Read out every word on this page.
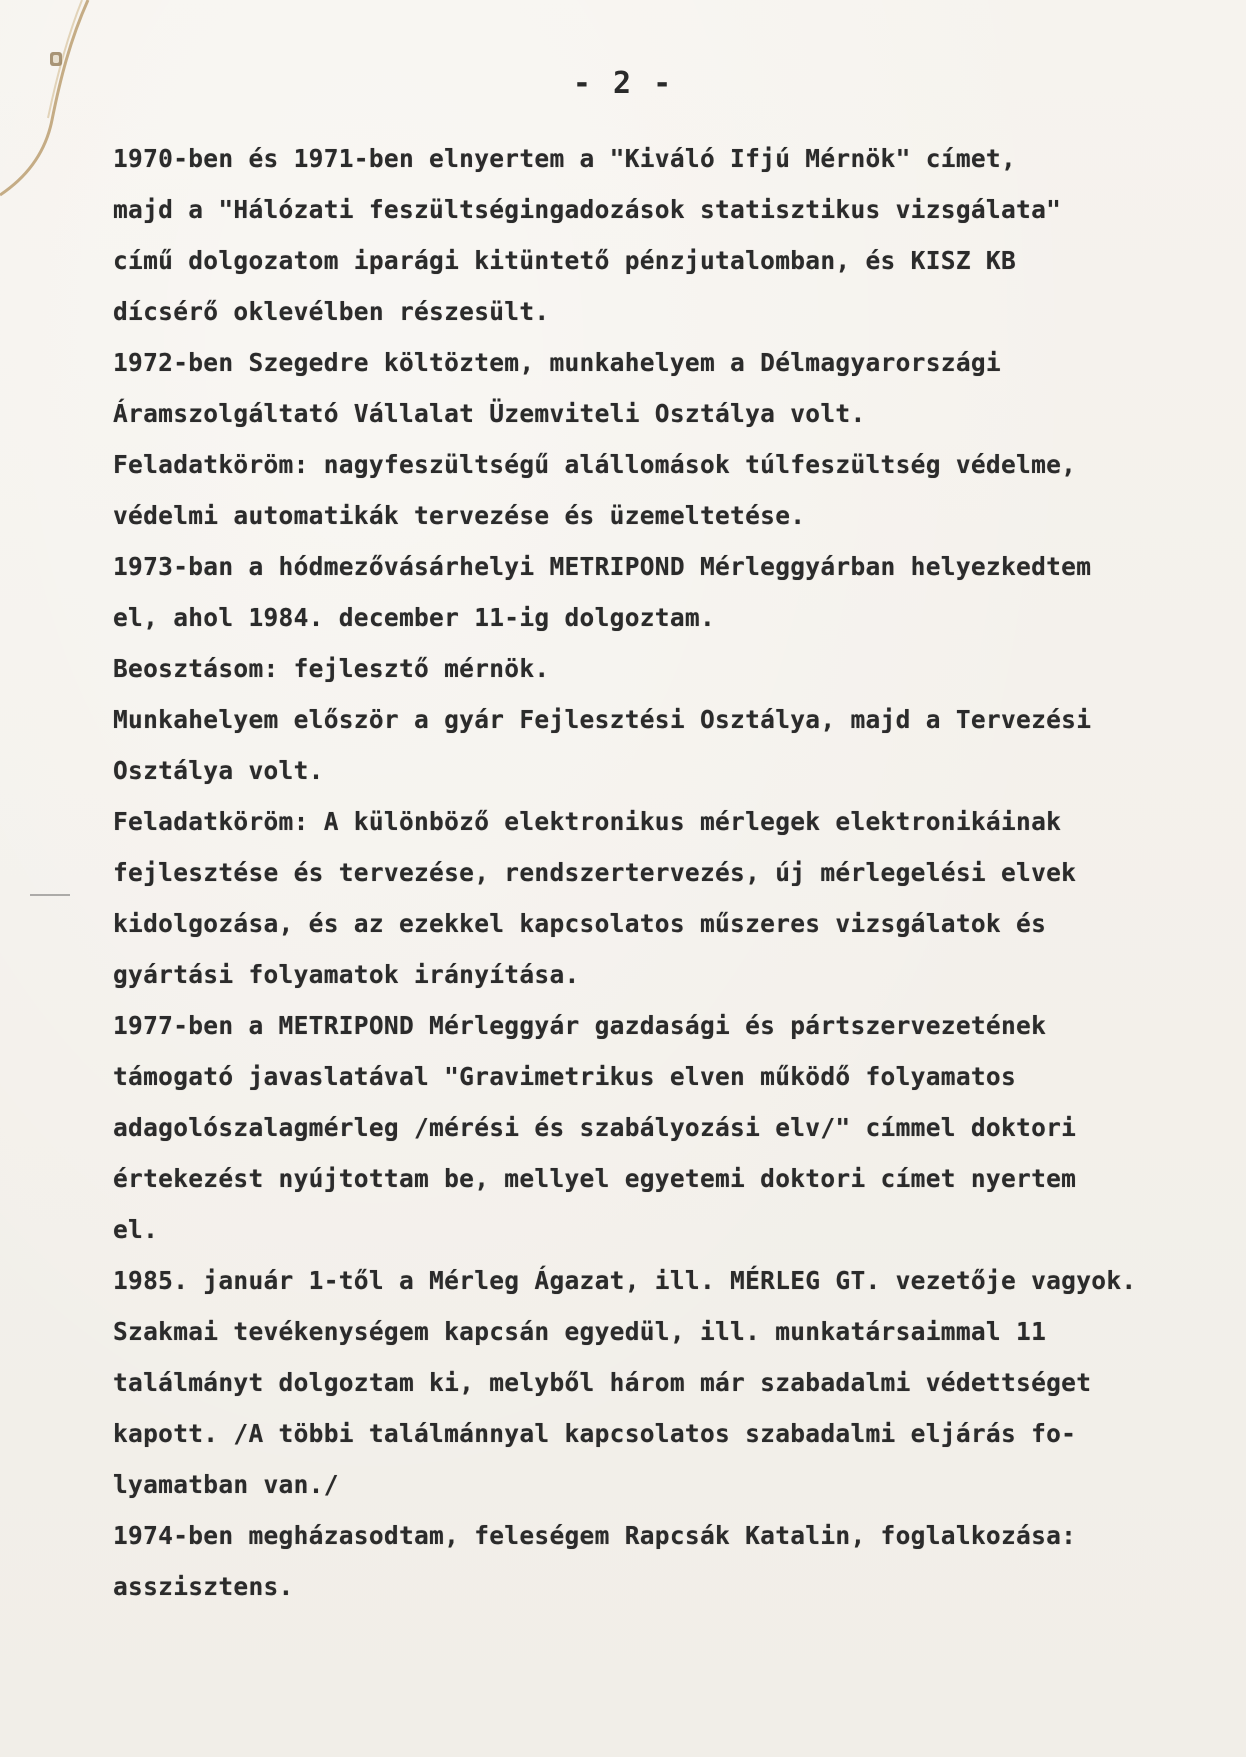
- 2 -
1970-ben és 1971-ben elnyertem a "Kiváló Ifjú Mérnök" címet,
majd a "Hálózati feszültségingadozások statisztikus vizsgálata"
című dolgozatom iparági kitüntető pénzjutalomban, és KISZ KB
dícsérő oklevélben részesült.
1972-ben Szegedre költöztem, munkahelyem a Délmagyarországi
Áramszolgáltató Vállalat Üzemviteli Osztálya volt.
Feladatköröm: nagyfeszültségű alállomások túlfeszültség védelme,
védelmi automatikák tervezése és üzemeltetése.
1973-ban a hódmezővásárhelyi METRIPOND Mérleggyárban helyezkedtem
el, ahol 1984. december 11-ig dolgoztam.
Beosztásom: fejlesztő mérnök.
Munkahelyem először a gyár Fejlesztési Osztálya, majd a Tervezési
Osztálya volt.
Feladatköröm: A különböző elektronikus mérlegek elektronikáinak
fejlesztése és tervezése, rendszertervezés, új mérlegelési elvek
kidolgozása, és az ezekkel kapcsolatos műszeres vizsgálatok és
gyártási folyamatok irányítása.
1977-ben a METRIPOND Mérleggyár gazdasági és pártszervezetének
támogató javaslatával "Gravimetrikus elven működő folyamatos
adagolószalagmérleg /mérési és szabályozási elv/" címmel doktori
értekezést nyújtottam be, mellyel egyetemi doktori címet nyertem
el.
1985. január 1-től a Mérleg Ágazat, ill. MÉRLEG GT. vezetője vagyok.
Szakmai tevékenységem kapcsán egyedül, ill. munkatársaimmal 11
találmányt dolgoztam ki, melyből három már szabadalmi védettséget
kapott. /A többi találmánnyal kapcsolatos szabadalmi eljárás fo-
lyamatban van./
1974-ben megházasodtam, feleségem Rapcsák Katalin, foglalkozása:
asszisztens.
